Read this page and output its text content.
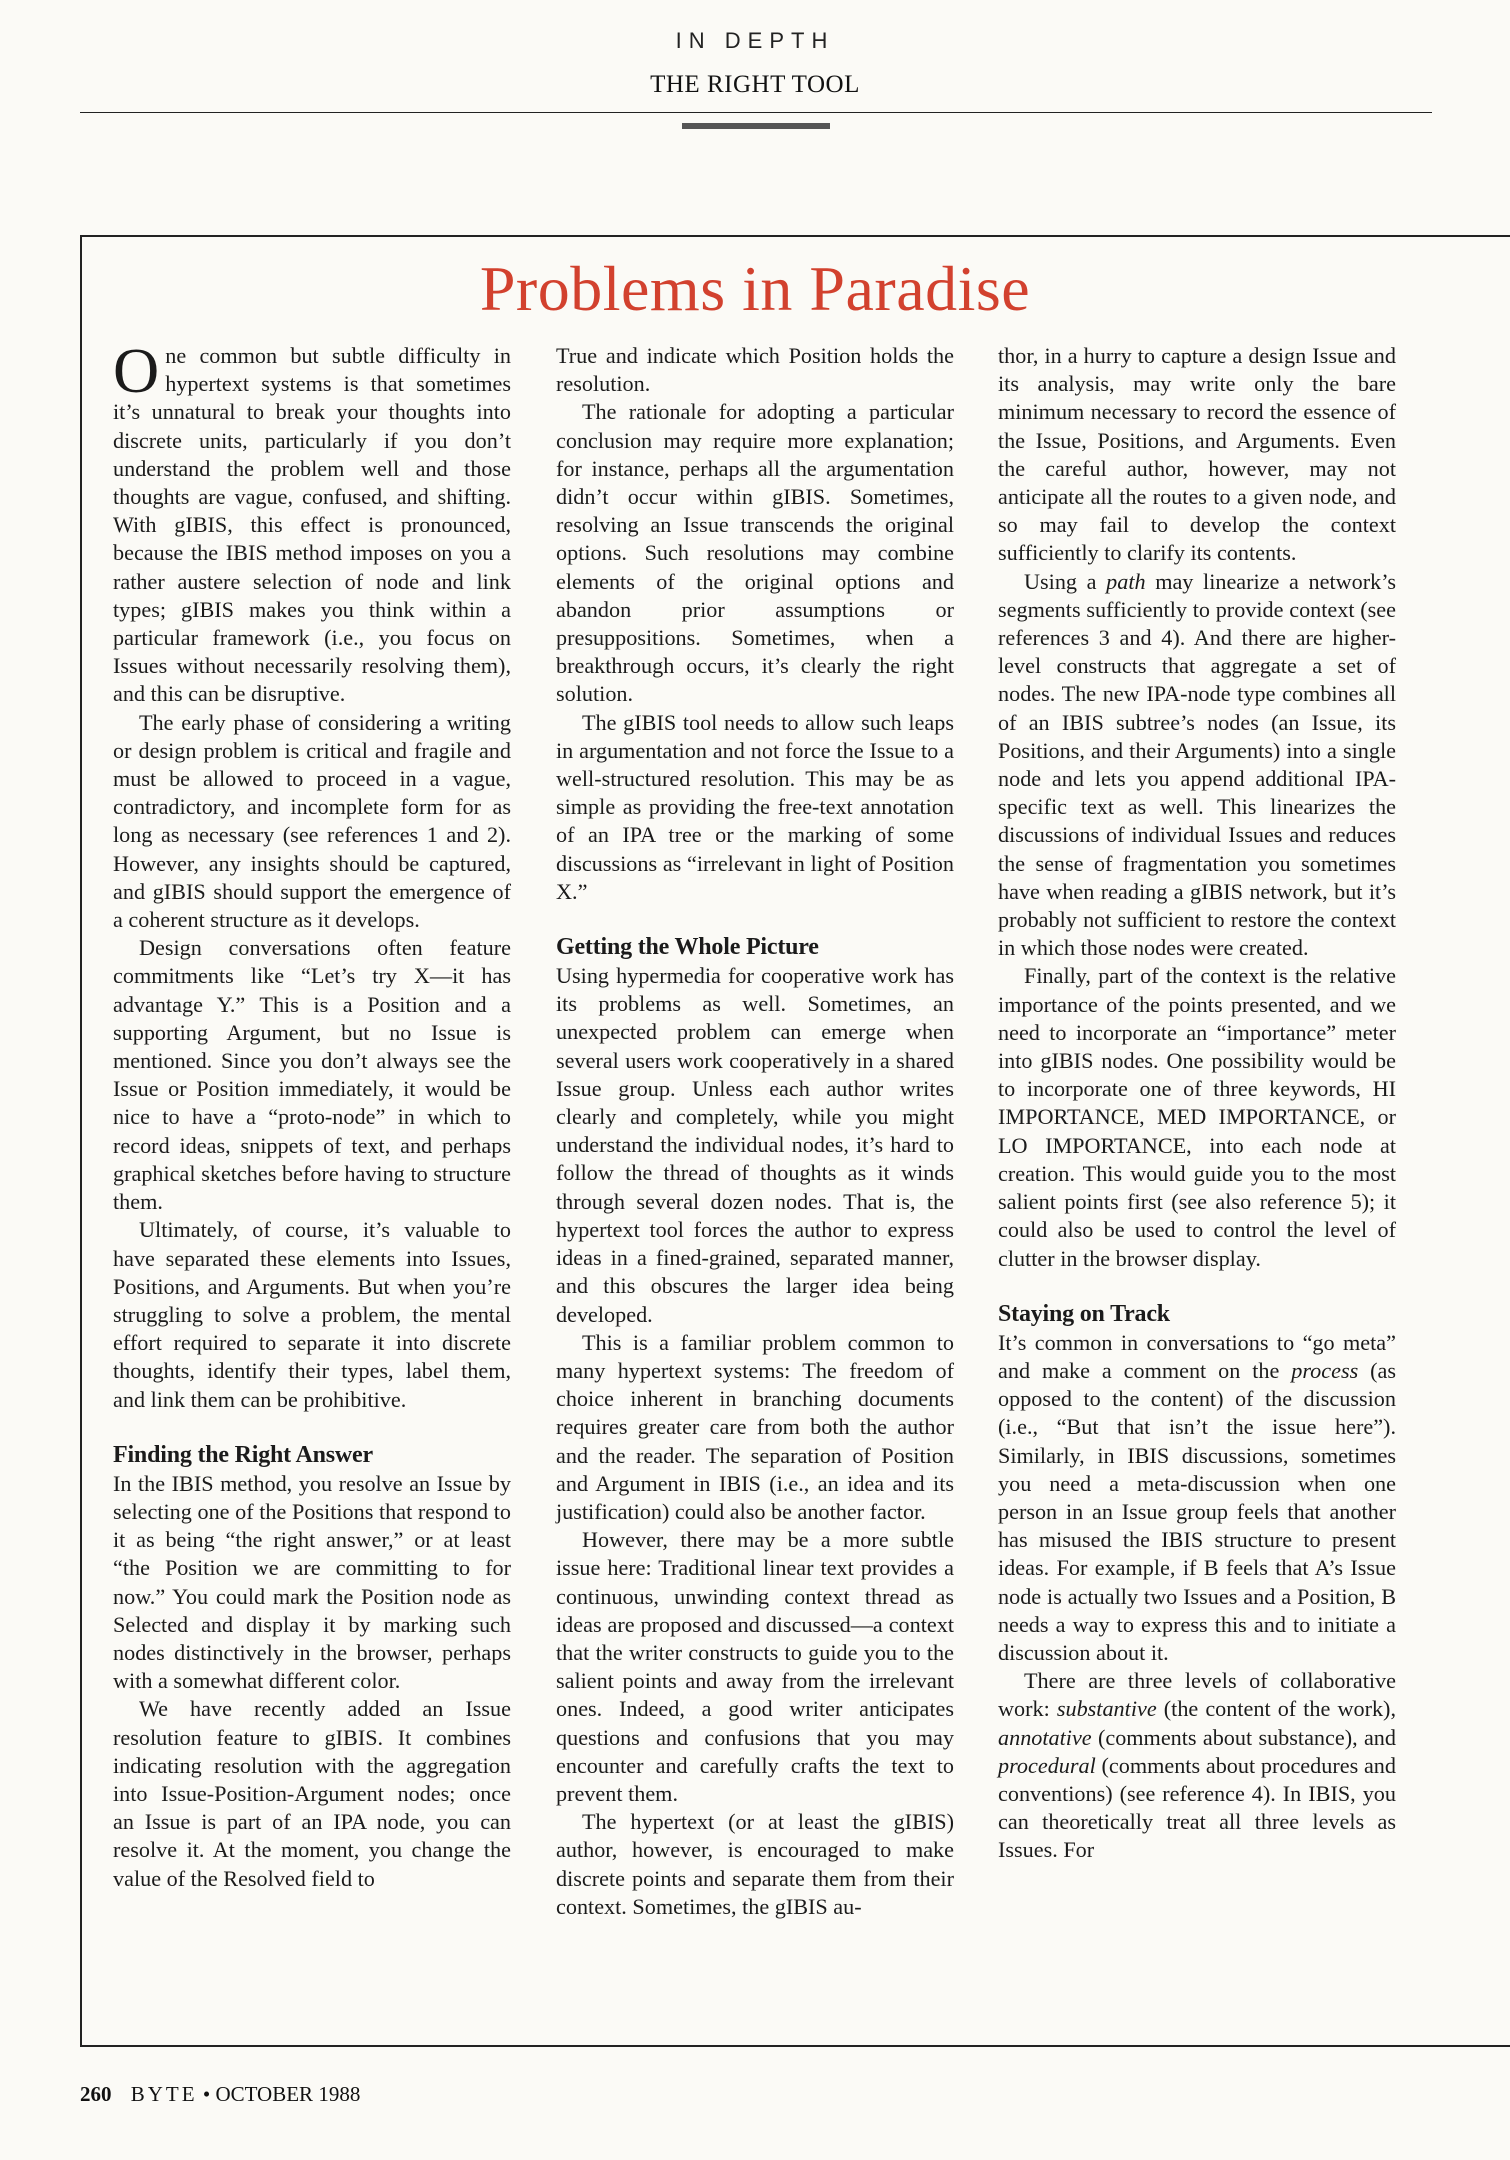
IN DEPTH
THE RIGHT TOOL
Problems in Paradise

One common but subtle difficulty in hypertext systems is that sometimes it’s unnatural to break your thoughts into discrete units, particularly if you don’t understand the problem well and those thoughts are vague, confused, and shifting. With gIBIS, this effect is pronounced, because the IBIS method imposes on you a rather austere selection of node and link types; gIBIS makes you think within a particular framework (i.e., you focus on Issues without necessarily resolving them), and this can be disruptive.

The early phase of considering a writing or design problem is critical and fragile and must be allowed to proceed in a vague, contradictory, and incomplete form for as long as necessary (see references 1 and 2). However, any insights should be captured, and gIBIS should support the emergence of a coherent structure as it develops.

Design conversations often feature commitments like “Let’s try X—it has advantage Y.” This is a Position and a supporting Argument, but no Issue is mentioned. Since you don’t always see the Issue or Position immediately, it would be nice to have a “proto-node” in which to record ideas, snippets of text, and perhaps graphical sketches before having to structure them.

Ultimately, of course, it’s valuable to have separated these elements into Issues, Positions, and Arguments. But when you’re struggling to solve a problem, the mental effort required to separate it into discrete thoughts, identify their types, label them, and link them can be prohibitive.

Finding the Right Answer

In the IBIS method, you resolve an Issue by selecting one of the Positions that respond to it as being “the right answer,” or at least “the Position we are committing to for now.” You could mark the Position node as Selected and display it by marking such nodes distinctively in the browser, perhaps with a somewhat different color.

We have recently added an Issue resolution feature to gIBIS. It combines indicating resolution with the aggregation into Issue-Position-Argument nodes; once an Issue is part of an IPA node, you can resolve it. At the moment, you change the value of the Resolved field to

True and indicate which Position holds the resolution.

The rationale for adopting a particular conclusion may require more explanation; for instance, perhaps all the argumentation didn’t occur within gIBIS. Sometimes, resolving an Issue transcends the original options. Such resolutions may combine elements of the original options and abandon prior assumptions or presuppositions. Sometimes, when a breakthrough occurs, it’s clearly the right solution.

The gIBIS tool needs to allow such leaps in argumentation and not force the Issue to a well-structured resolution. This may be as simple as providing the free-text annotation of an IPA tree or the marking of some discussions as “irrelevant in light of Position X.”

Getting the Whole Picture

Using hypermedia for cooperative work has its problems as well. Sometimes, an unexpected problem can emerge when several users work cooperatively in a shared Issue group. Unless each author writes clearly and completely, while you might understand the individual nodes, it’s hard to follow the thread of thoughts as it winds through several dozen nodes. That is, the hypertext tool forces the author to express ideas in a fined-grained, separated manner, and this obscures the larger idea being developed.

This is a familiar problem common to many hypertext systems: The freedom of choice inherent in branching documents requires greater care from both the author and the reader. The separation of Position and Argument in IBIS (i.e., an idea and its justification) could also be another factor.

However, there may be a more subtle issue here: Traditional linear text provides a continuous, unwinding context thread as ideas are proposed and discussed—a context that the writer constructs to guide you to the salient points and away from the irrelevant ones. Indeed, a good writer anticipates questions and confusions that you may encounter and carefully crafts the text to prevent them.

The hypertext (or at least the gIBIS) author, however, is encouraged to make discrete points and separate them from their context. Sometimes, the gIBIS au-

thor, in a hurry to capture a design Issue and its analysis, may write only the bare minimum necessary to record the essence of the Issue, Positions, and Arguments. Even the careful author, however, may not anticipate all the routes to a given node, and so may fail to develop the context sufficiently to clarify its contents.

Using a path may linearize a network’s segments sufficiently to provide context (see references 3 and 4). And there are higher-level constructs that aggregate a set of nodes. The new IPA-node type combines all of an IBIS subtree’s nodes (an Issue, its Positions, and their Arguments) into a single node and lets you append additional IPA-specific text as well. This linearizes the discussions of individual Issues and reduces the sense of fragmentation you sometimes have when reading a gIBIS network, but it’s probably not sufficient to restore the context in which those nodes were created.

Finally, part of the context is the relative importance of the points presented, and we need to incorporate an “importance” meter into gIBIS nodes. One possibility would be to incorporate one of three keywords, HI IMPORTANCE, MED IMPORTANCE, or LO IMPORTANCE, into each node at creation. This would guide you to the most salient points first (see also reference 5); it could also be used to control the level of clutter in the browser display.

Staying on Track

It’s common in conversations to “go meta” and make a comment on the process (as opposed to the content) of the discussion (i.e., “But that isn’t the issue here”). Similarly, in IBIS discussions, sometimes you need a meta-discussion when one person in an Issue group feels that another has misused the IBIS structure to present ideas. For example, if B feels that A’s Issue node is actually two Issues and a Position, B needs a way to express this and to initiate a discussion about it.

There are three levels of collaborative work: substantive (the content of the work), annotative (comments about substance), and procedural (comments about procedures and conventions) (see reference 4). In IBIS, you can theoretically treat all three levels as Issues. For

260 BYTE • OCTOBER 1988
